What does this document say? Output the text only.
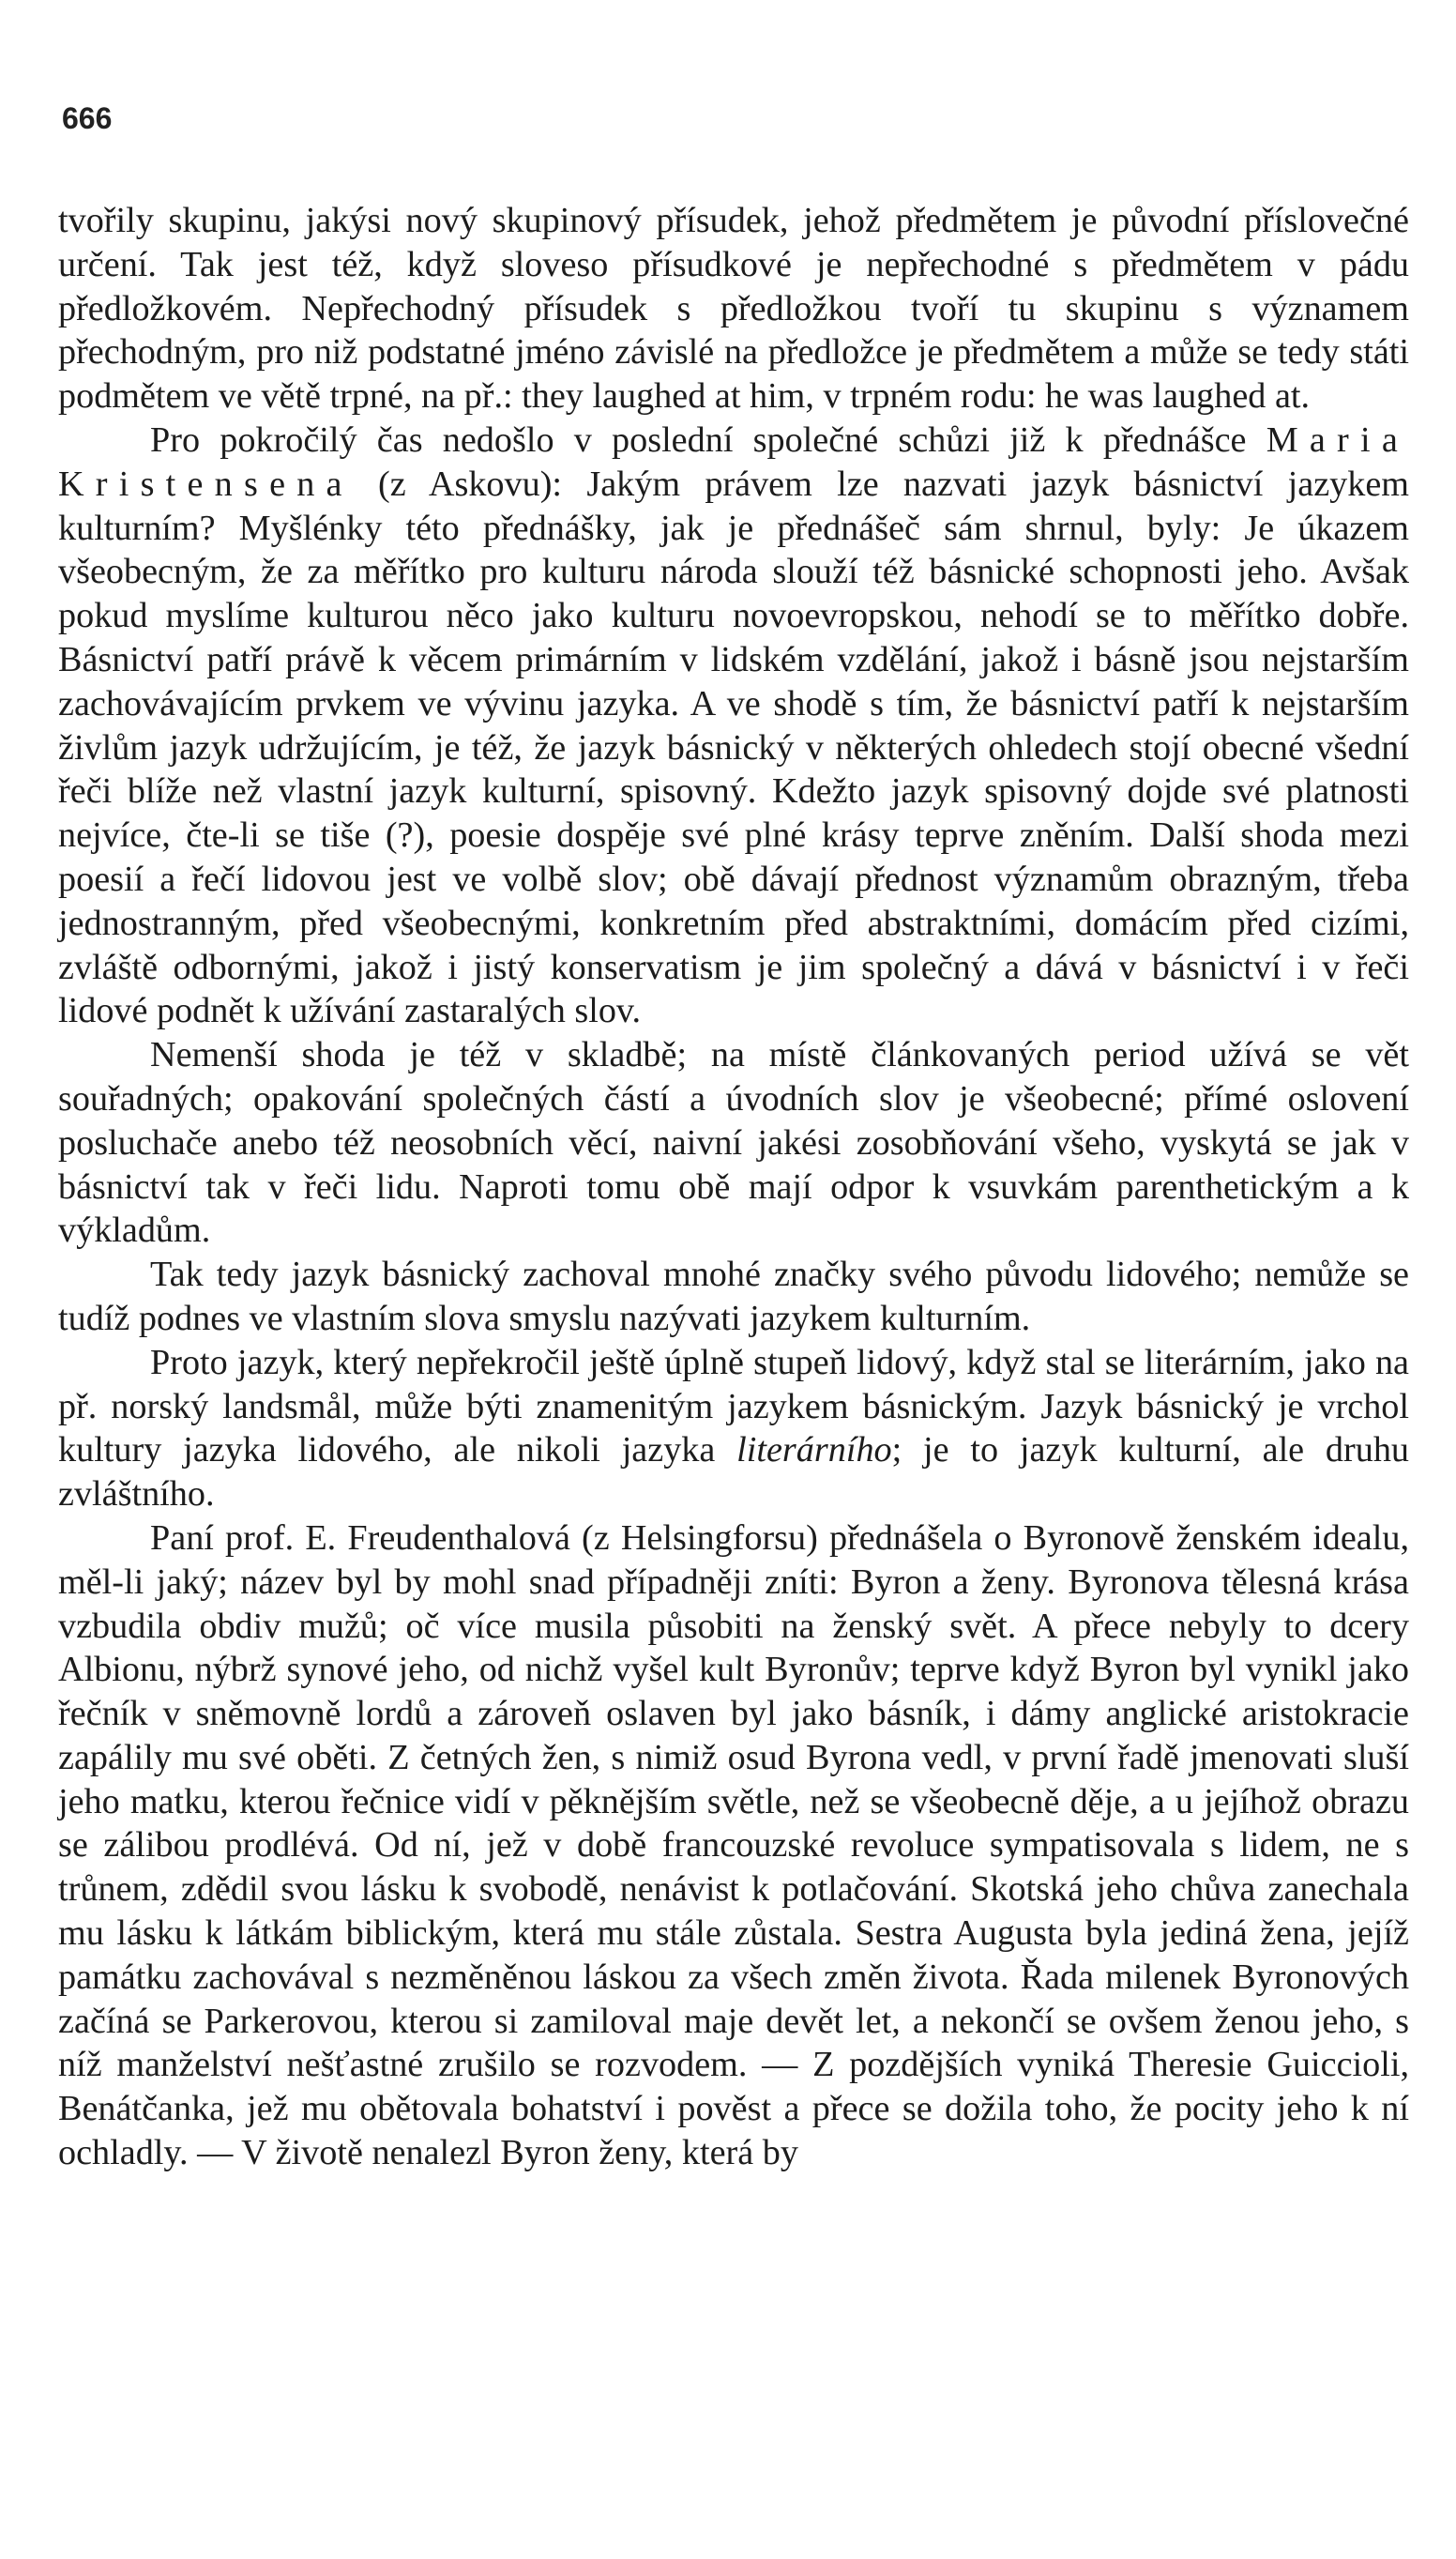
666

tvořily skupinu, jakýsi nový skupinový přísudek, jehož předmětem je původní příslovečné určení. Tak jest též, když sloveso přísudkové je nepřechodné s předmětem v pádu předložkovém. Nepřechodný přísudek s předložkou tvoří tu skupinu s významem přechodným, pro niž podstatné jméno závislé na předložce je předmětem a může se tedy státi podmětem ve větě trpné, na př.: they laughed at him, v trpném rodu: he was laughed at.

Pro pokročilý čas nedošlo v poslední společné schůzi již k přednášce Maria Kristensena (z Askovu): Jakým právem lze nazvati jazyk básnictví jazykem kulturním? Myšlénky této přednášky, jak je přednášeč sám shrnul, byly: Je úkazem všeobecným, že za měřítko pro kulturu národa slouží též básnické schopnosti jeho. Avšak pokud myslíme kulturou něco jako kulturu novoevropskou, nehodí se to měřítko dobře. Básnictví patří právě k věcem primárním v lidském vzdělání, jakož i básně jsou nejstarším zachovávajícím prvkem ve vývinu jazyka. A ve shodě s tím, že básnictví patří k nejstarším živlům jazyk udržujícím, je též, že jazyk básnický v některých ohledech stojí obecné všední řeči blíže než vlastní jazyk kulturní, spisovný. Kdežto jazyk spisovný dojde své platnosti nejvíce, čte-li se tiše (?), poesie dospěje své plné krásy teprve zněním. Další shoda mezi poesií a řečí lidovou jest ve volbě slov; obě dávají přednost významům obrazným, třeba jednostranným, před všeobecnými, konkretním před abstraktními, domácím před cizími, zvláště odbornými, jakož i jistý konservatism je jim společný a dává v básnictví i v řeči lidové podnět k užívání zastaralých slov.

Nemenší shoda je též v skladbě; na místě článkovaných period užívá se vět souřadných; opakování společných částí a úvodních slov je všeobecné; přímé oslovení posluchače anebo též neosobních věcí, naivní jakési zosobňování všeho, vyskytá se jak v básnictví tak v řeči lidu. Naproti tomu obě mají odpor k vsuvkám parenthetickým a k výkladům.

Tak tedy jazyk básnický zachoval mnohé značky svého původu lidového; nemůže se tudíž podnes ve vlastním slova smyslu nazývati jazykem kulturním.

Proto jazyk, který nepřekročil ještě úplně stupeň lidový, když stal se literárním, jako na př. norský landsmål, může býti znamenitým jazykem básnickým. Jazyk básnický je vrchol kultury jazyka lidového, ale nikoli jazyka literárního; je to jazyk kulturní, ale druhu zvláštního.

Paní prof. E. Freudenthalová (z Helsingforsu) přednášela o Byronově ženském idealu, měl-li jaký; název byl by mohl snad případněji zníti: Byron a ženy. Byronova tělesná krása vzbudila obdiv mužů; oč více musila působiti na ženský svět. A přece nebyly to dcery Albionu, nýbrž synové jeho, od nichž vyšel kult Byronův; teprve když Byron byl vynikl jako řečník v sněmovně lordů a zároveň oslaven byl jako básník, i dámy anglické aristokracie zapálily mu své oběti. Z četných žen, s nimiž osud Byrona vedl, v první řadě jmenovati sluší jeho matku, kterou řečnice vidí v pěknějším světle, než se všeobecně děje, a u jejíhož obrazu se zálibou prodlévá. Od ní, jež v době francouzské revoluce sympatisovala s lidem, ne s trůnem, zdědil svou lásku k svobodě, nenávist k potlačování. Skotská jeho chůva zanechala mu lásku k látkám biblickým, která mu stále zůstala. Sestra Augusta byla jediná žena, jejíž památku zachovával s nezměněnou láskou za všech změn života. Řada milenek Byronových začíná se Parkerovou, kterou si zamiloval maje devět let, a nekončí se ovšem ženou jeho, s níž manželství nešťastné zrušilo se rozvodem. — Z pozdějších vyniká Theresie Guiccioli, Benátčanka, jež mu obětovala bohatství i pověst a přece se dožila toho, že pocity jeho k ní ochladly. — V životě nenalezl Byron ženy, která by
